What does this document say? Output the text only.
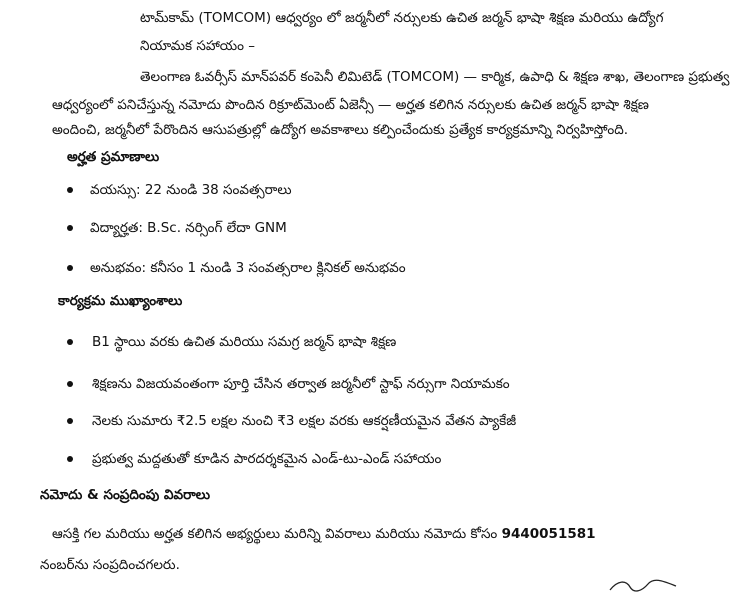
టామ్‌కామ్ (TOMCOM) ఆధ్వర్యం లో జర్మనీలో నర్సులకు ఉచిత జర్మన్ భాషా శిక్షణ మరియు ఉద్యోగ
నియామక సహాయం –
తెలంగాణ ఓవర్సీస్ మాన్‌పవర్ కంపెనీ లిమిటెడ్ (TOMCOM) — కార్మిక, ఉపాధి & శిక్షణ శాఖ, తెలంగాణ ప్రభుత్వ
ఆధ్వర్యంలో పనిచేస్తున్న నమోదు పొందిన రిక్రూట్‌మెంట్ ఏజెన్సీ — అర్హత కలిగిన నర్సులకు ఉచిత జర్మన్ భాషా శిక్షణ
అందించి, జర్మనీలో పేరొందిన ఆసుపత్రుల్లో ఉద్యోగ అవకాశాలు కల్పించేందుకు ప్రత్యేక కార్యక్రమాన్ని నిర్వహిస్తోంది.
అర్హత ప్రమాణాలు
వయస్సు: 22 నుండి 38 సంవత్సరాలు
విద్యార్హత: B.Sc. నర్సింగ్ లేదా GNM
అనుభవం: కనీసం 1 నుండి 3 సంవత్సరాల క్లినికల్ అనుభవం
కార్యక్రమ ముఖ్యాంశాలు
B1 స్థాయి వరకు ఉచిత మరియు సమగ్ర జర్మన్ భాషా శిక్షణ
శిక్షణను విజయవంతంగా పూర్తి చేసిన తర్వాత జర్మనీలో స్టాఫ్ నర్సుగా నియామకం
నెలకు సుమారు ₹2.5 లక్షల నుంచి ₹3 లక్షల వరకు ఆకర్షణీయమైన వేతన ప్యాకేజీ
ప్రభుత్వ మద్దతుతో కూడిన పారదర్శకమైన ఎండ్-టు-ఎండ్ సహాయం
నమోదు & సంప్రదింపు వివరాలు
ఆసక్తి గల మరియు అర్హత కలిగిన అభ్యర్థులు మరిన్ని వివరాలు మరియు నమోదు కోసం 9440051581
నంబర్‌ను సంప్రదించగలరు.
